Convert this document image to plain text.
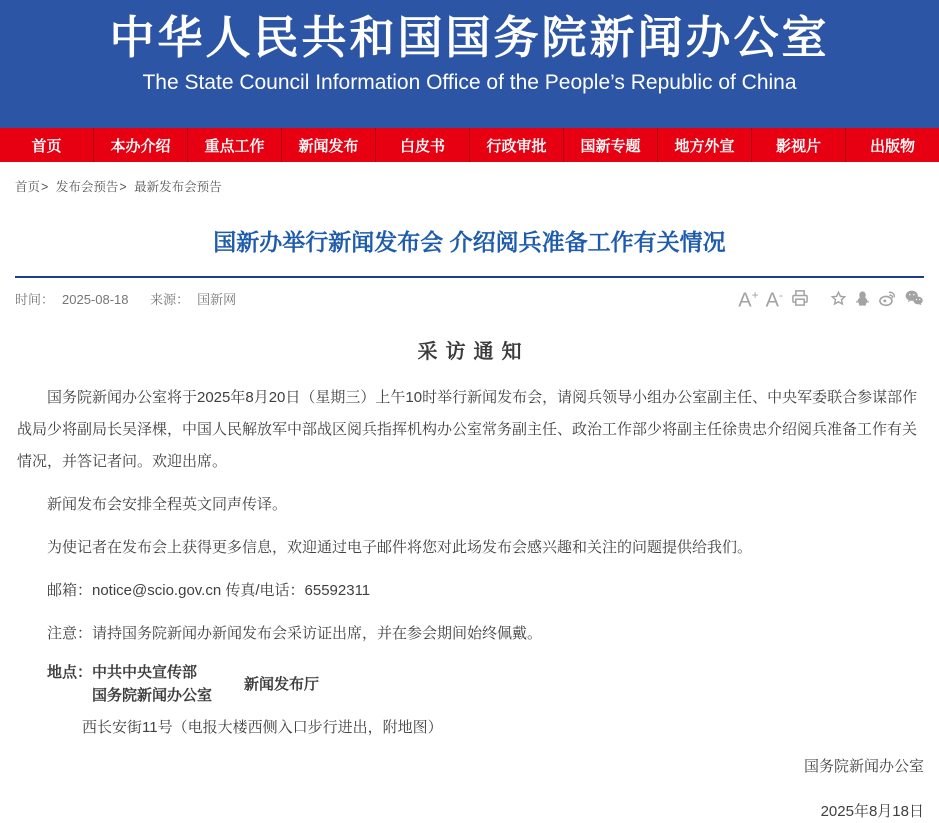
中华人民共和国国务院新闻办公室
The State Council Information Office of the People’s Republic of China
首页	本办介绍	重点工作	新闻发布	白皮书	行政审批	国新专题	地方外宣	影视片	出版物
首页> 发布会预告> 最新发布会预告
国新办举行新闻发布会 介绍阅兵准备工作有关情况
时间： 2025-08-18 来源： 国新网	A+ A-
采访通知

国务院新闻办公室将于2025年8月20日（星期三）上午10时举行新闻发布会，请阅兵领导小组办公室副主任、中央军委联合参谋部作战局少将副局长吴泽棵，中国人民解放军中部战区阅兵指挥机构办公室常务副主任、政治工作部少将副主任徐贵忠介绍阅兵准备工作有关情况，并答记者问。欢迎出席。

新闻发布会安排全程英文同声传译。

为使记者在发布会上获得更多信息，欢迎通过电子邮件将您对此场发布会感兴趣和关注的问题提供给我们。

邮箱：notice@scio.gov.cn 传真/电话：65592311

注意：请持国务院新闻办新闻发布会采访证出席，并在参会期间始终佩戴。

地点： 中共中央宣传部
国务院新闻办公室
新闻发布厅
西长安街11号（电报大楼西侧入口步行进出，附地图）
国务院新闻办公室
2025年8月18日
